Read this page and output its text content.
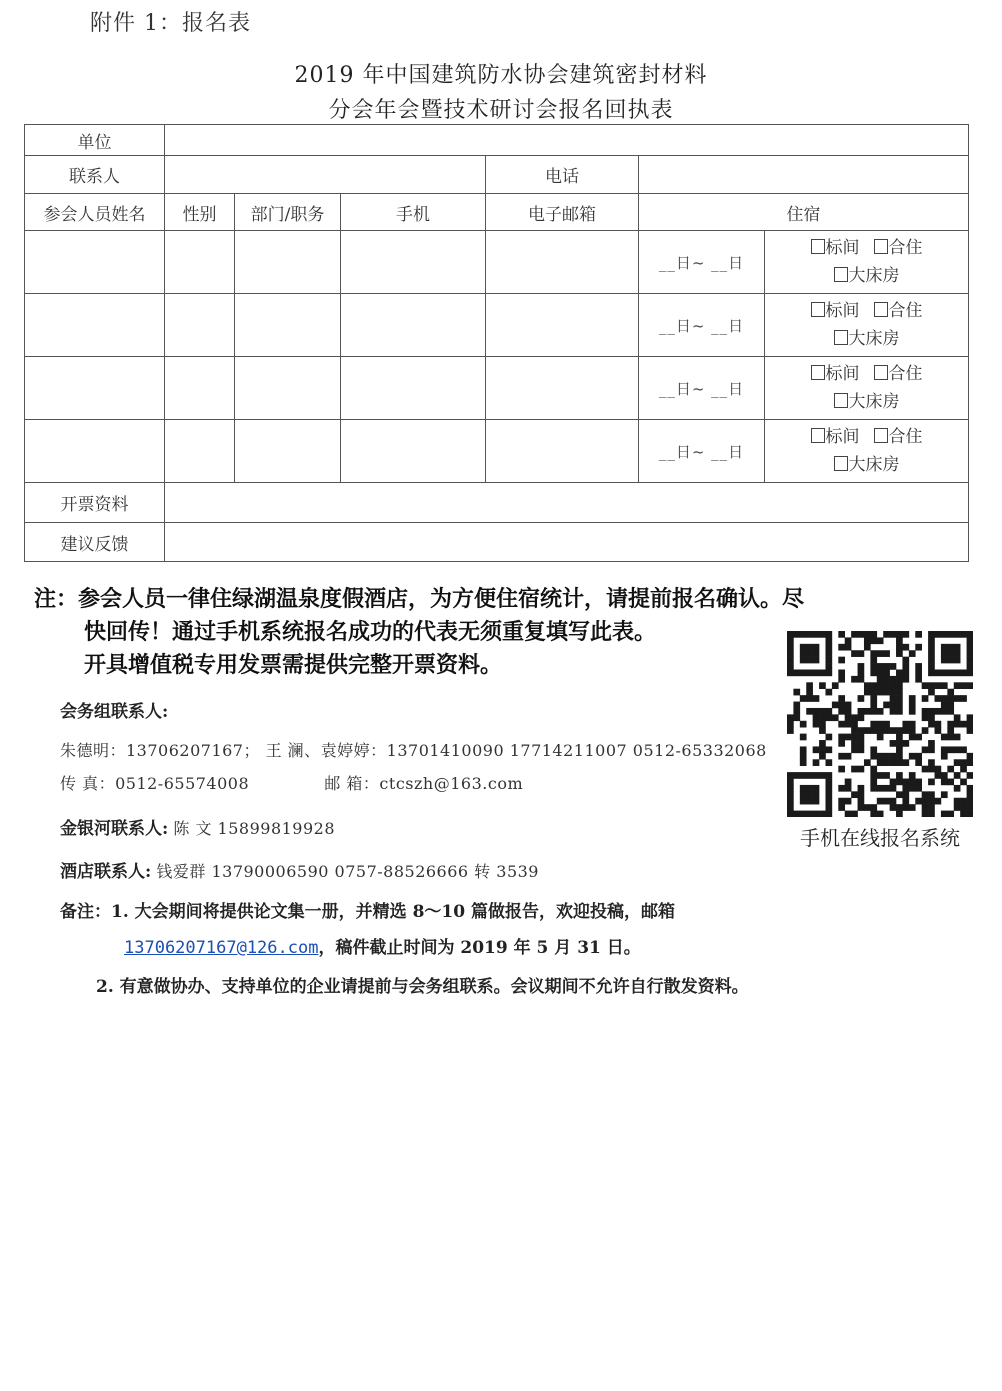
附件 1：报名表
2019 年中国建筑防水协会建筑密封材料
分会年会暨技术研讨会报名回执表
单位						
联系人				电话		
参会人员姓名	性别	部门/职务	手机	电子邮箱	住宿	
					__日~ __日	标间 合住
大床房
					__日~ __日	标间 合住
大床房
					__日~ __日	标间 合住
大床房
					__日~ __日	标间 合住
大床房
开票资料						
建议反馈						
注：参会人员一律住绿湖温泉度假酒店，为方便住宿统计，请提前报名确认。尽
快回传！通过手机系统报名成功的代表无须重复填写此表。
开具增值税专用发票需提供完整开票资料。
会务组联系人:
朱德明：13706207167； 王 澜、袁婷婷：13701410090 17714211007 0512-65332068
传 真：0512-65574008	邮 箱：ctcszh@163.com
金银河联系人: 陈 文 15899819928
酒店联系人: 钱爱群 13790006590 0757-88526666 转 3539
备注：1. 大会期间将提供论文集一册，并精选 8～10 篇做报告，欢迎投稿，邮箱
13706207167@126.com，稿件截止时间为 2019 年 5 月 31 日。
2. 有意做协办、支持单位的企业请提前与会务组联系。会议期间不允许自行散发资料。
手机在线报名系统
